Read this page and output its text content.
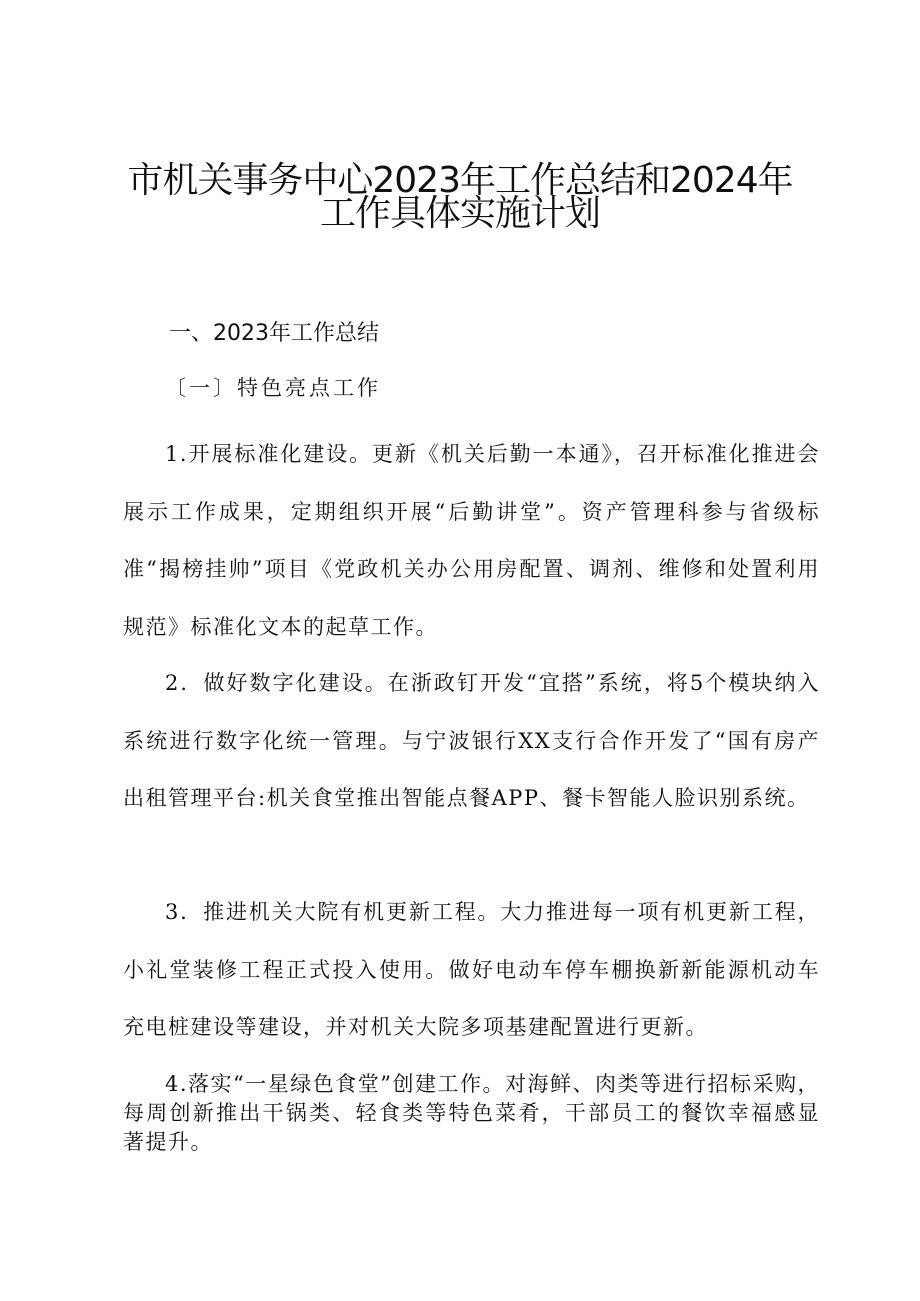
市机关事务中心2023年工作总结和2024年
工作具体实施计划
一、2023年工作总结
〔一〕特色亮点工作

1.开展标准化建设。更新《机关后勤一本通》，召开标准化推进会展示工作成果，定期组织开展“后勤讲堂”。资产管理科参与省级标准“揭榜挂帅”项目《党政机关办公用房配置、调剂、维修和处置利用规范》标准化文本的起草工作。

2．做好数字化建设。在浙政钉开发“宜搭”系统，将5个模块纳入系统进行数字化统一管理。与宁波银行XX支行合作开发了“国有房产出租管理平台:机关食堂推出智能点餐APP、餐卡智能人脸识别系统。

3．推进机关大院有机更新工程。大力推进每一项有机更新工程，小礼堂装修工程正式投入使用。做好电动车停车棚换新新能源机动车充电桩建设等建设，并对机关大院多项基建配置进行更新。

4.落实“一星绿色食堂”创建工作。对海鲜、肉类等进行招标采购，每周创新推出干锅类、轻食类等特色菜肴，干部员工的餐饮幸福感显著提升。
